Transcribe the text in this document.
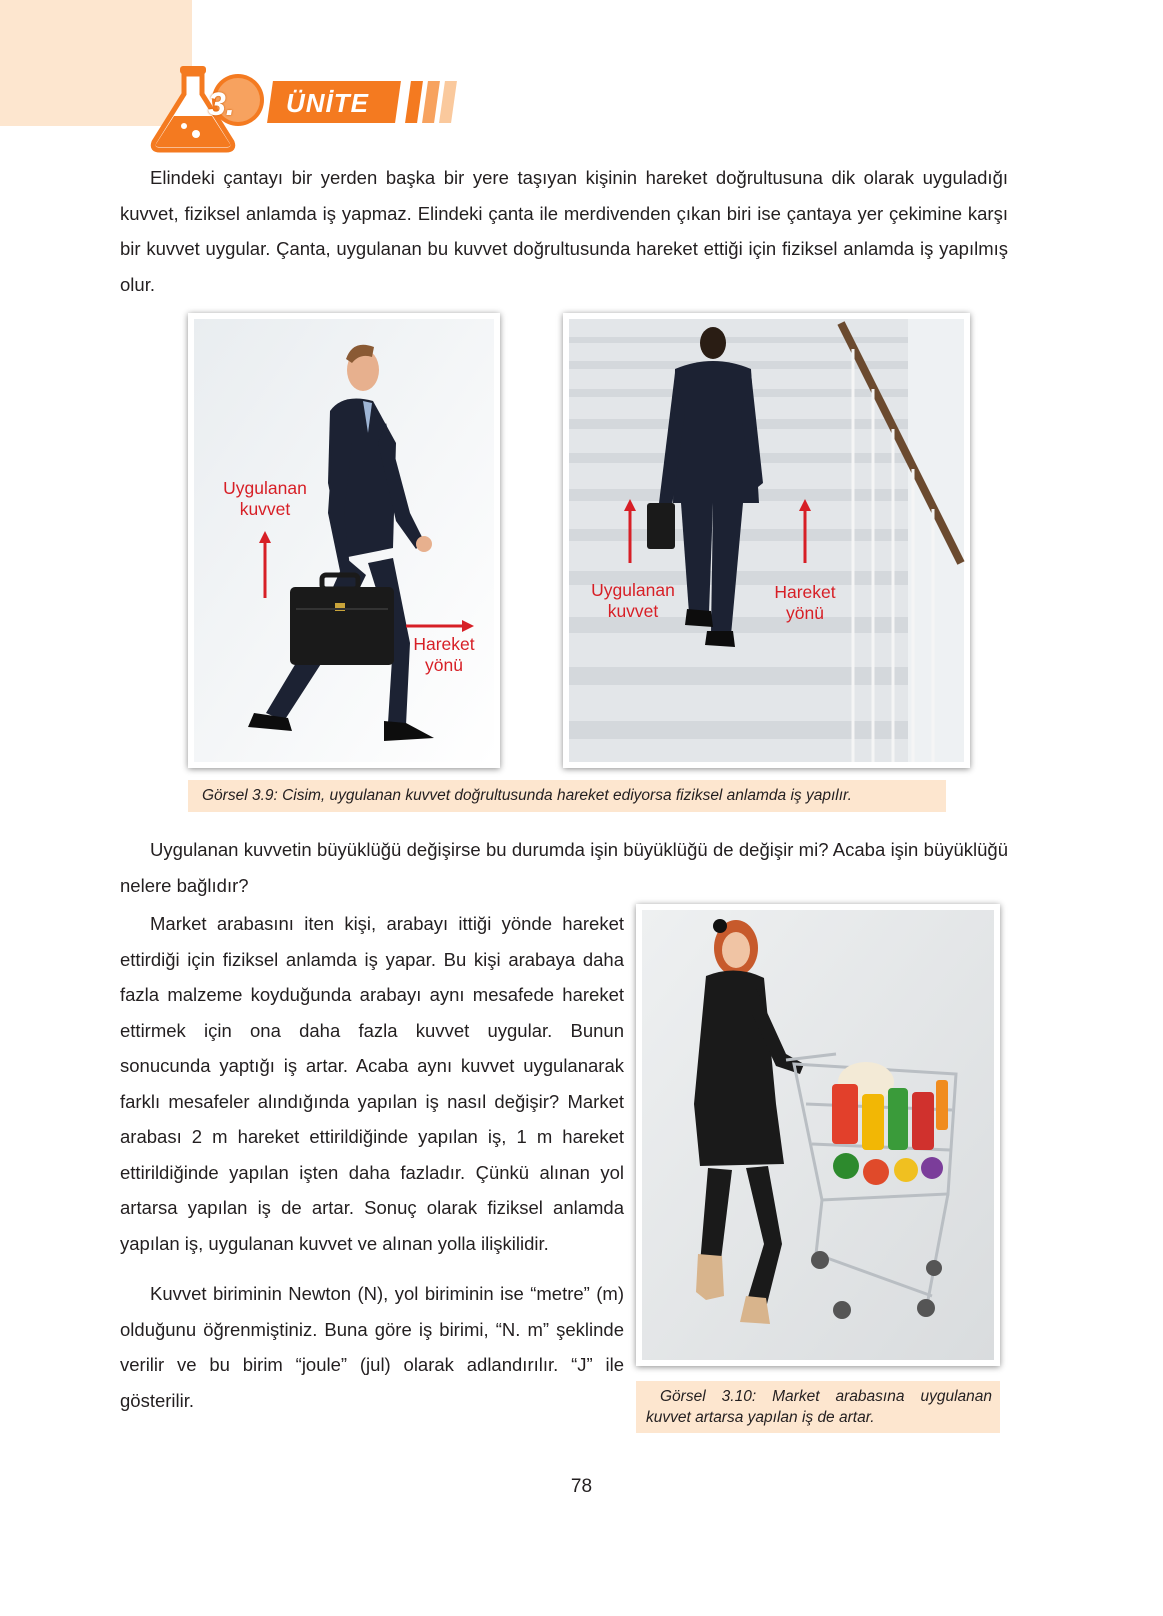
3. ÜNİTE

Elindeki çantayı bir yerden başka bir yere taşıyan kişinin hareket doğrultusuna dik olarak uyguladığı kuvvet, fiziksel anlamda iş yapmaz. Elindeki çanta ile merdivenden çıkan biri ise çantaya yer çekimine karşı bir kuvvet uygular. Çanta, uygulanan bu kuvvet doğrultusunda hareket ettiği için fiziksel anlamda iş yapılmış olur.

Uygulanan
kuvvet
Hareket
yönü
Uygulanan
kuvvet
Hareket
yönü
Görsel 3.9: Cisim, uygulanan kuvvet doğrultusunda hareket ediyorsa fiziksel anlamda iş yapılır.

Uygulanan kuvvetin büyüklüğü değişirse bu durumda işin büyüklüğü de değişir mi? Acaba işin büyüklüğü nelere bağlıdır?

Market arabasını iten kişi, arabayı ittiği yönde hareket ettirdiği için fiziksel anlamda iş yapar. Bu kişi arabaya daha fazla malzeme koyduğunda arabayı aynı mesafede hareket ettirmek için ona daha fazla kuvvet uygular. Bunun sonucunda yaptığı iş artar. Acaba aynı kuvvet uygulanarak farklı mesafeler alındığında yapılan iş nasıl değişir? Market arabası 2 m hareket ettirildiğinde yapılan iş, 1 m hareket ettirildiğinde yapılan işten daha fazladır. Çünkü alınan yol artarsa yapılan iş de artar. Sonuç olarak fiziksel anlamda yapılan iş, uygulanan kuvvet ve alınan yolla ilişkilidir.

Kuvvet biriminin Newton (N), yol biriminin ise “metre” (m) olduğunu öğrenmiştiniz. Buna göre iş birimi, “N. m” şeklinde verilir ve bu birim “joule” (jul) olarak adlandırılır. “J” ile gösterilir.	Görsel 3.10: Market arabasına uygulanan kuvvet artarsa yapılan iş de artar.
78
